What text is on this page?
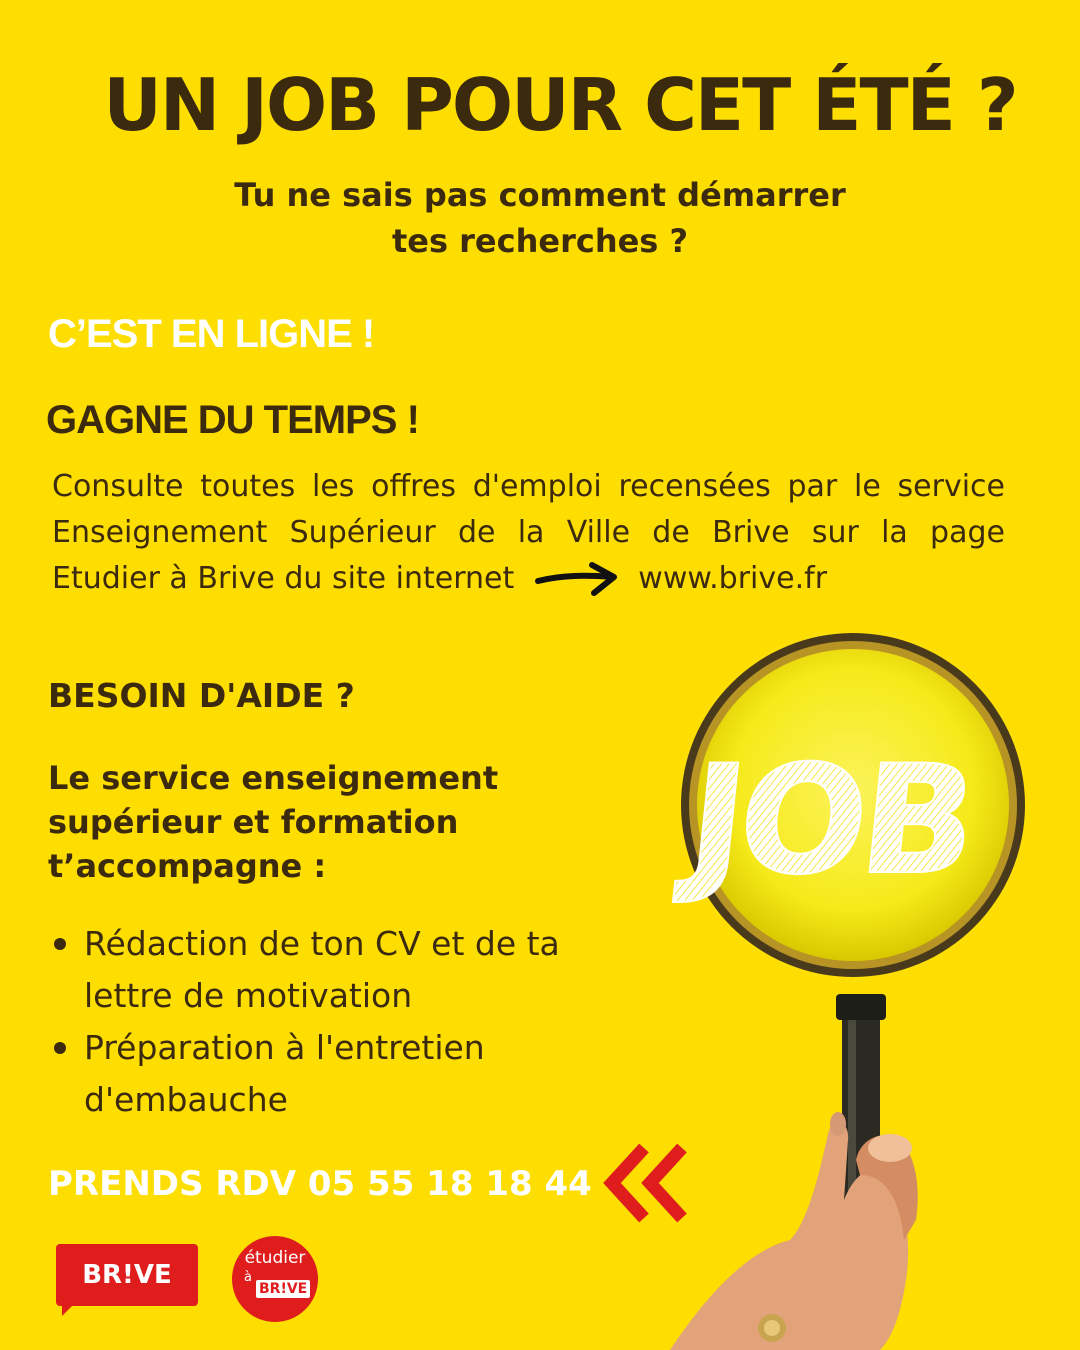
UN JOB POUR CET ÉTÉ ?
Tu ne sais pas comment démarrer
tes recherches ?
C’EST EN LIGNE !
GAGNE DU TEMPS !
Consulte toutes les offres d'emploi recensées par le service
Enseignement Supérieur de la Ville de Brive sur la page
Etudier à Brive du site internet	www.brive.fr
BESOIN D'AIDE ?
Le service enseignement
supérieur et formation
t’accompagne :
Rédaction de ton CV et de ta
lettre de motivation
Préparation à l'entretien
d'embauche
PRENDS RDV 05 55 18 18 44
JOB
BR!VE
étudier
à
BR!VE
